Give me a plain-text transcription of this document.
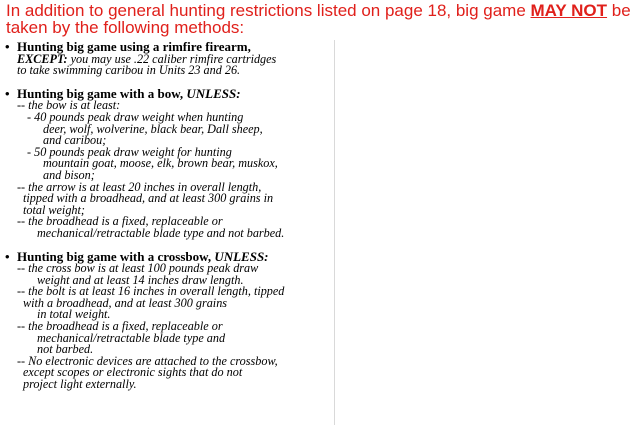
In addition to general hunting restrictions listed on page 18, big game MAY NOT be taken by the following methods:

• Hunting big game using a rimfire firearm,
EXCEPT: you may use .22 caliber rimfire cartridges
to take swimming caribou in Units 23 and 26.
• Hunting big game with a bow, UNLESS:
-- the bow is at least:
- 40 pounds peak draw weight when hunting
deer, wolf, wolverine, black bear, Dall sheep,
and caribou;
- 50 pounds peak draw weight for hunting
mountain goat, moose, elk, brown bear, muskox,
and bison;
-- the arrow is at least 20 inches in overall length,
tipped with a broadhead, and at least 300 grains in
total weight;
-- the broadhead is a fixed, replaceable or
mechanical/retractable blade type and not barbed.
• Hunting big game with a crossbow, UNLESS:
-- the cross bow is at least 100 pounds peak draw
weight and at least 14 inches draw length.
-- the bolt is at least 16 inches in overall length, tipped
with a broadhead, and at least 300 grains
in total weight.
-- the broadhead is a fixed, replaceable or
mechanical/retractable blade type and
not barbed.
-- No electronic devices are attached to the crossbow,
except scopes or electronic sights that do not
project light externally.
